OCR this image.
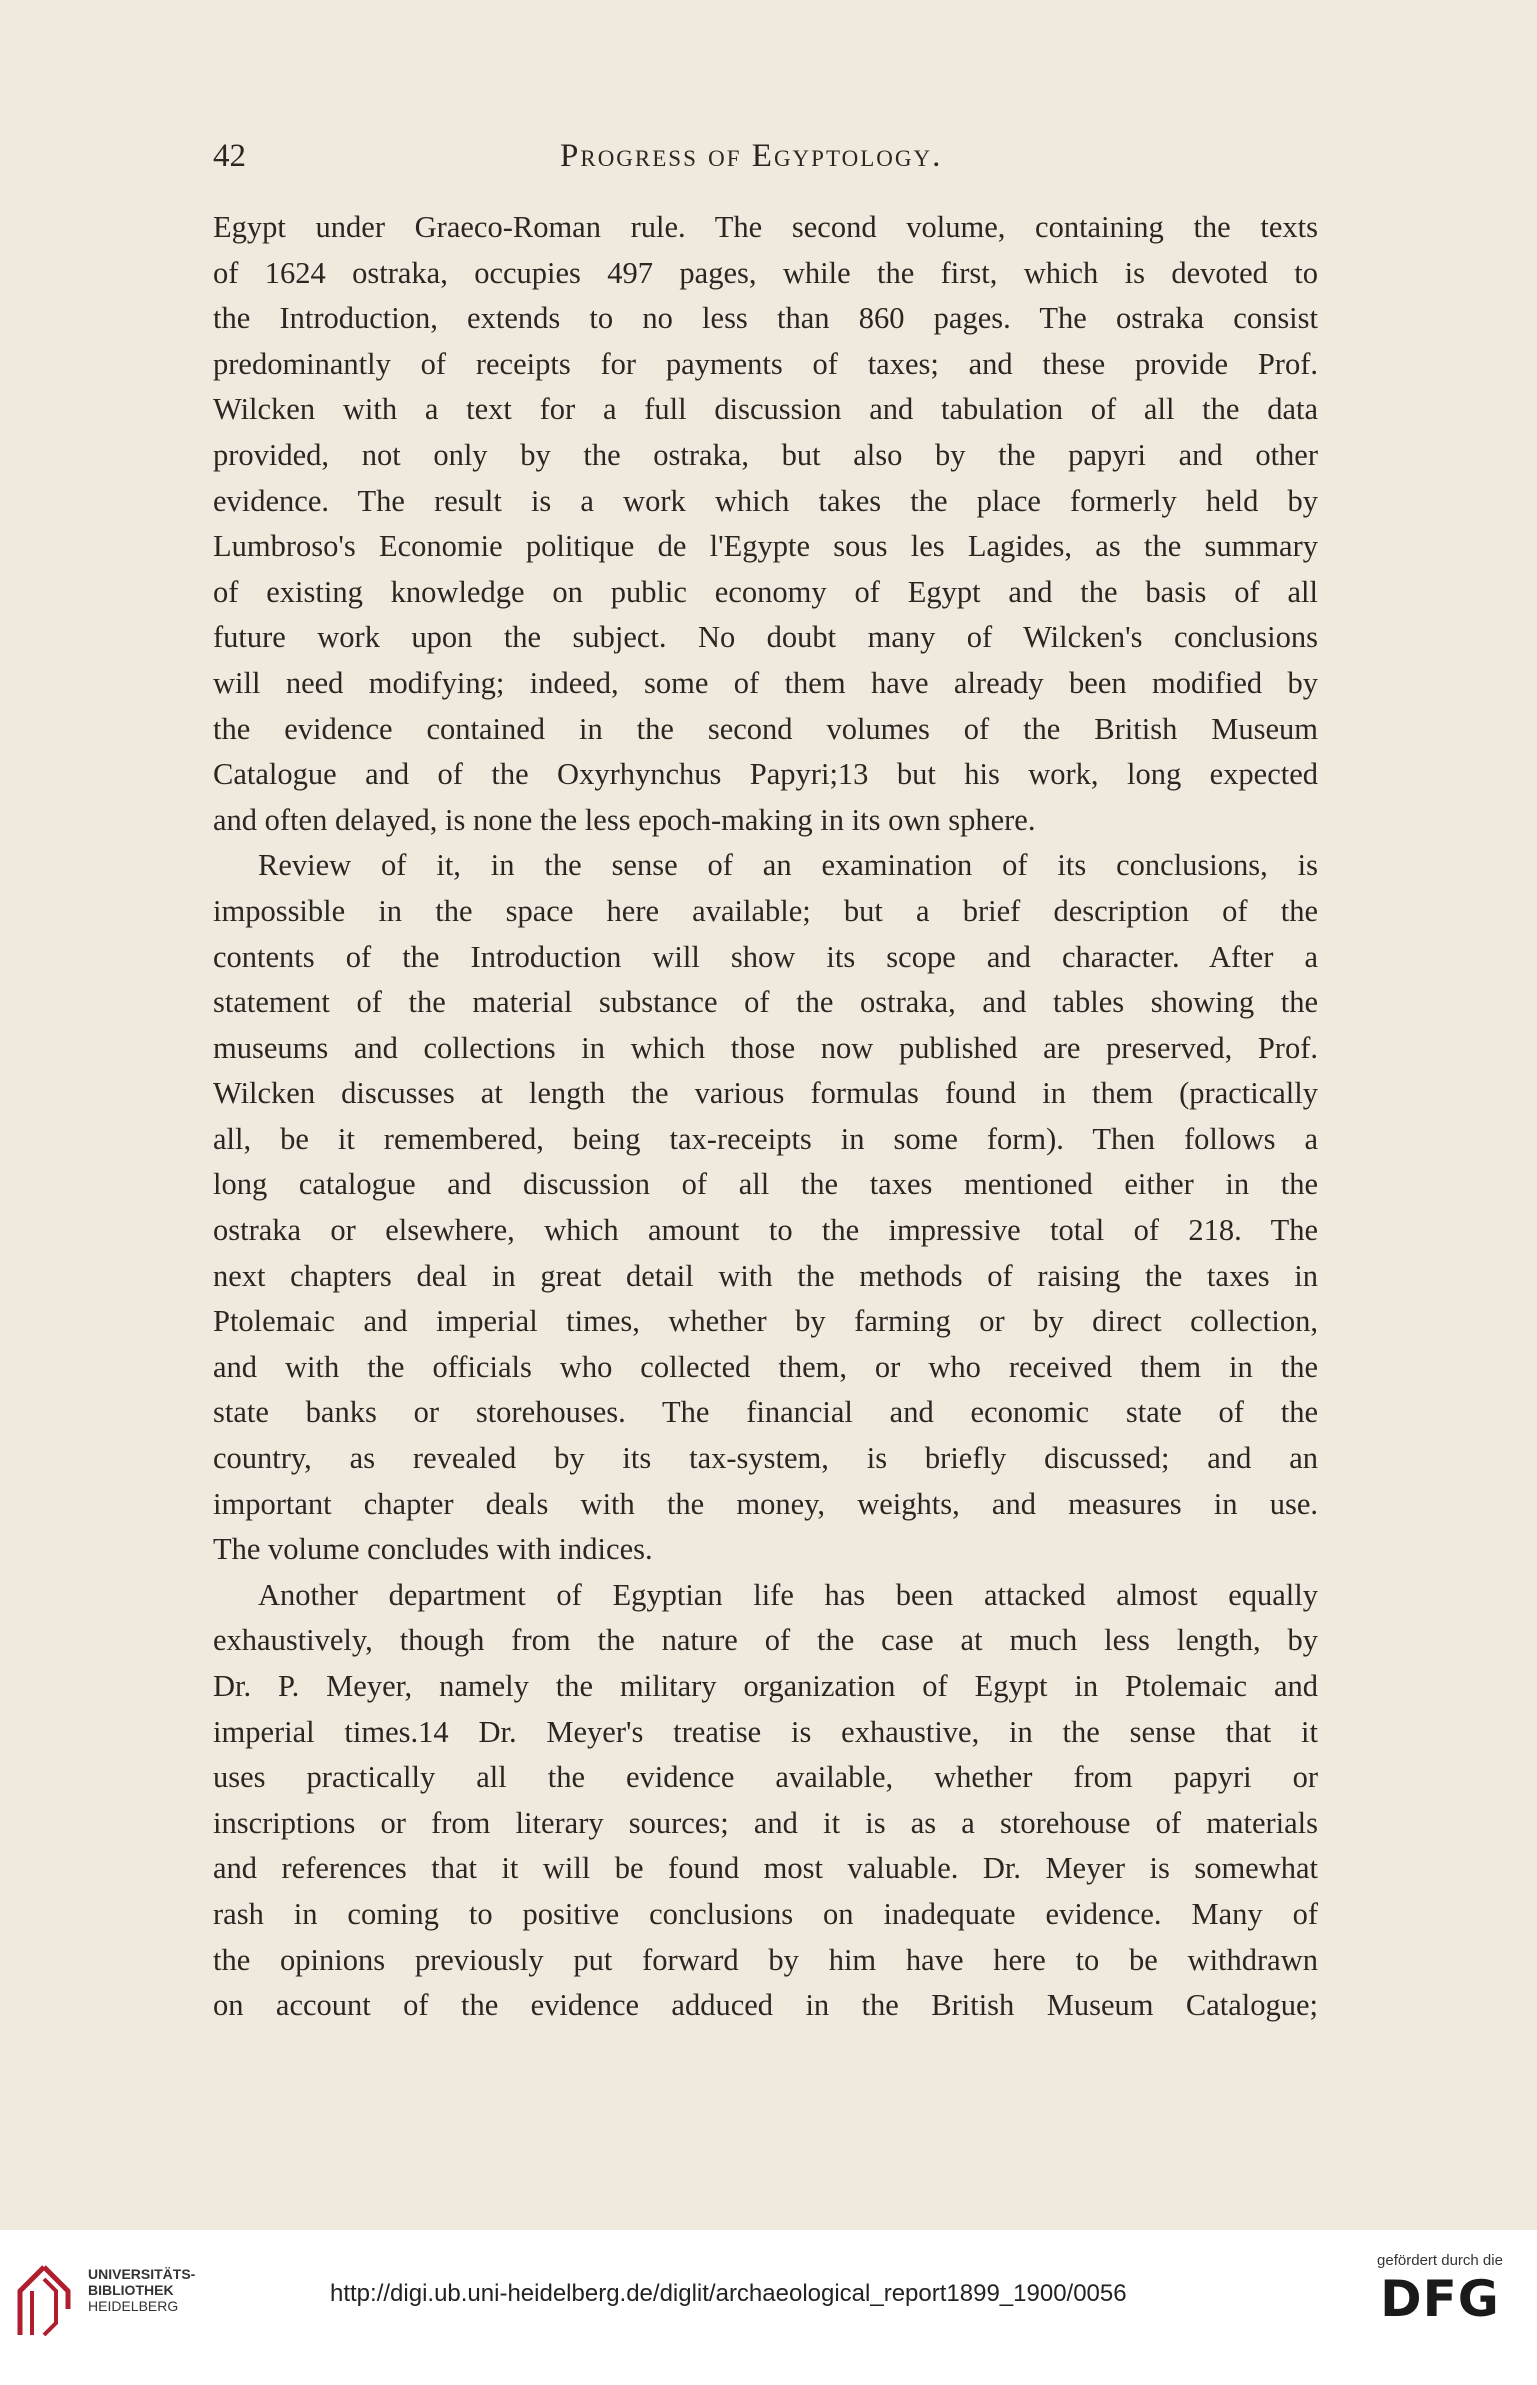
42	Progress of Egyptology.
Egypt under Graeco-Roman rule. The second volume, containing the texts
of 1624 ostraka, occupies 497 pages, while the first, which is devoted to
the Introduction, extends to no less than 860 pages. The ostraka consist
predominantly of receipts for payments of taxes; and these provide Prof.
Wilcken with a text for a full discussion and tabulation of all the data
provided, not only by the ostraka, but also by the papyri and other
evidence. The result is a work which takes the place formerly held by
Lumbroso's Economie politique de l'Egypte sous les Lagides, as the summary
of existing knowledge on public economy of Egypt and the basis of all
future work upon the subject. No doubt many of Wilcken's conclusions
will need modifying; indeed, some of them have already been modified by
the evidence contained in the second volumes of the British Museum
Catalogue and of the Oxyrhynchus Papyri;13 but his work, long expected
and often delayed, is none the less epoch-making in its own sphere.
Review of it, in the sense of an examination of its conclusions, is
impossible in the space here available; but a brief description of the
contents of the Introduction will show its scope and character. After a
statement of the material substance of the ostraka, and tables showing the
museums and collections in which those now published are preserved, Prof.
Wilcken discusses at length the various formulas found in them (practically
all, be it remembered, being tax-receipts in some form). Then follows a
long catalogue and discussion of all the taxes mentioned either in the
ostraka or elsewhere, which amount to the impressive total of 218. The
next chapters deal in great detail with the methods of raising the taxes in
Ptolemaic and imperial times, whether by farming or by direct collection,
and with the officials who collected them, or who received them in the
state banks or storehouses. The financial and economic state of the
country, as revealed by its tax-system, is briefly discussed; and an
important chapter deals with the money, weights, and measures in use.
The volume concludes with indices.
Another department of Egyptian life has been attacked almost equally
exhaustively, though from the nature of the case at much less length, by
Dr. P. Meyer, namely the military organization of Egypt in Ptolemaic and
imperial times.14 Dr. Meyer's treatise is exhaustive, in the sense that it
uses practically all the evidence available, whether from papyri or
inscriptions or from literary sources; and it is as a storehouse of materials
and references that it will be found most valuable. Dr. Meyer is somewhat
rash in coming to positive conclusions on inadequate evidence. Many of
the opinions previously put forward by him have here to be withdrawn
on account of the evidence adduced in the British Museum Catalogue;
UNIVERSITÄTS-
BIBLIOTHEK
HEIDELBERG	http://digi.ub.uni-heidelberg.de/diglit/archaeological_report1899_1900/0056
gefördert durch die
DFG
